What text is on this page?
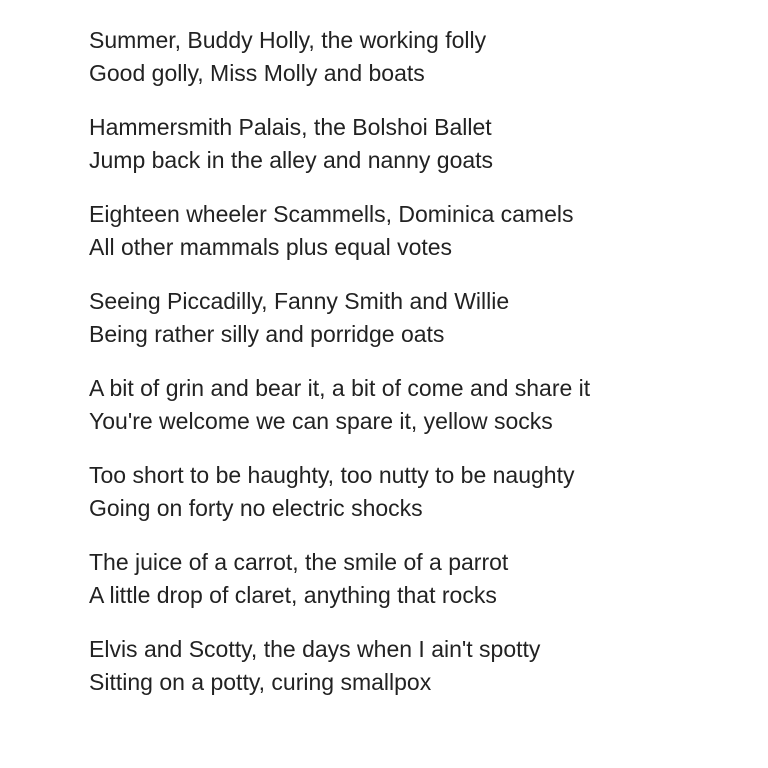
Summer, Buddy Holly, the working folly
Good golly, Miss Molly and boats
Hammersmith Palais, the Bolshoi Ballet
Jump back in the alley and nanny goats
Eighteen wheeler Scammells, Dominica camels
All other mammals plus equal votes
Seeing Piccadilly, Fanny Smith and Willie
Being rather silly and porridge oats
A bit of grin and bear it, a bit of come and share it
You're welcome we can spare it, yellow socks
Too short to be haughty, too nutty to be naughty
Going on forty no electric shocks
The juice of a carrot, the smile of a parrot
A little drop of claret, anything that rocks
Elvis and Scotty, the days when I ain't spotty
Sitting on a potty, curing smallpox
